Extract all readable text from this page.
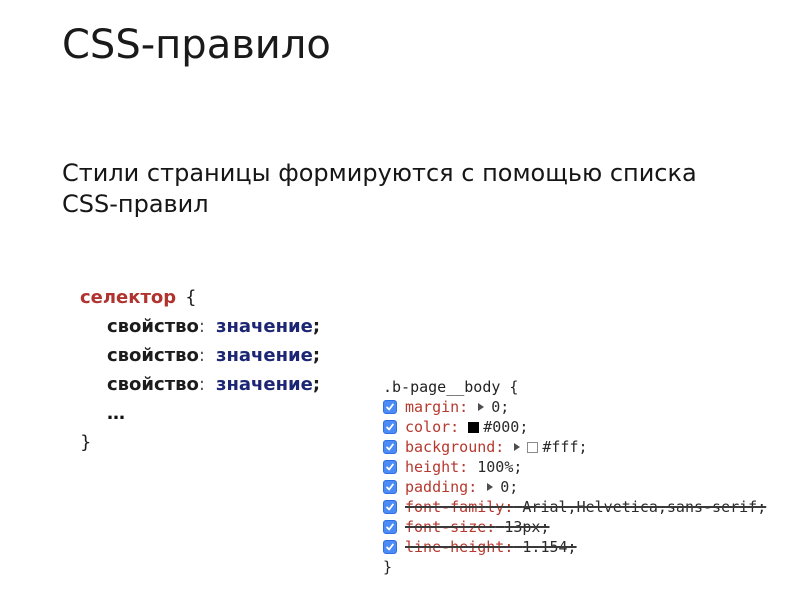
CSS-правило

Стили страницы формируются с помощью списка CSS-правил

селектор {
свойство: значение;
свойство: значение;
свойство: значение;
…
}
.b-page__body {
margin:	0;
color:	#000;
background:	#fff;
height: 100%;
padding:	0;
font-family: Arial,Helvetica,sans-serif;
font-size: 13px;
line-height: 1.154;
}
